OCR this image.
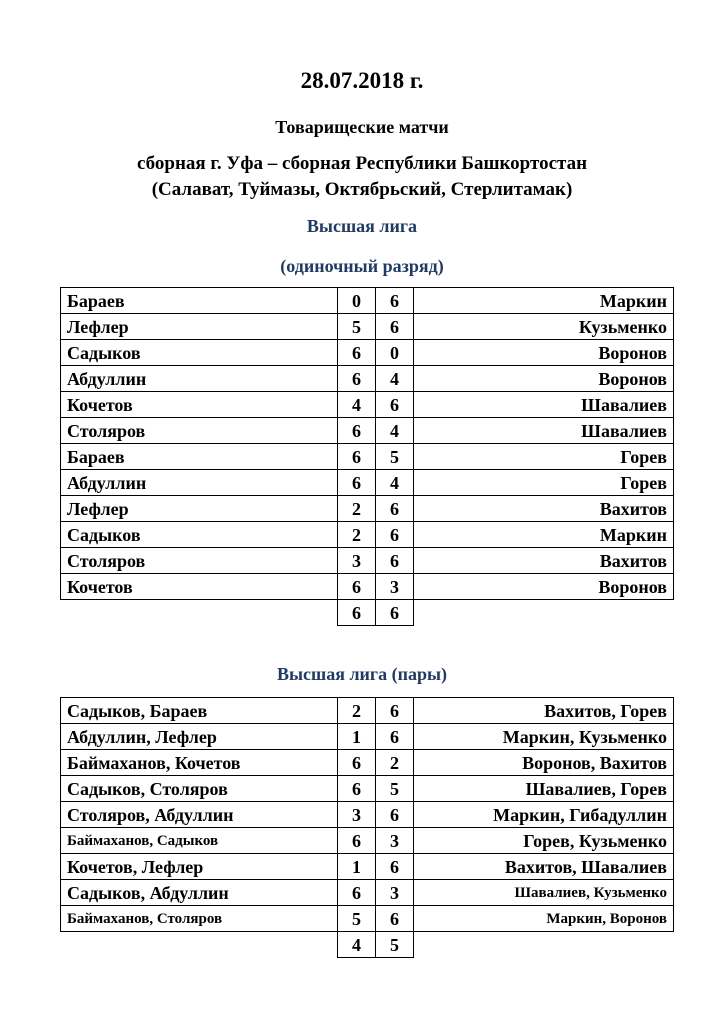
28.07.2018 г.
Товарищеские матчи
сборная г. Уфа – сборная Республики Башкортостан
(Салават, Туймазы, Октябрьский, Стерлитамак)
Высшая лига
(одиночный разряд)
Бараев	0	6	Маркин
Лефлер	5	6	Кузьменко
Садыков	6	0	Воронов
Абдуллин	6	4	Воронов
Кочетов	4	6	Шавалиев
Столяров	6	4	Шавалиев
Бараев	6	5	Горев
Абдуллин	6	4	Горев
Лефлер	2	6	Вахитов
Садыков	2	6	Маркин
Столяров	3	6	Вахитов
Кочетов	6	3	Воронов
	6	6	
Высшая лига (пары)
Садыков, Бараев	2	6	Вахитов, Горев
Абдуллин, Лефлер	1	6	Маркин, Кузьменко
Баймаханов, Кочетов	6	2	Воронов, Вахитов
Садыков, Столяров	6	5	Шавалиев, Горев
Столяров, Абдуллин	3	6	Маркин, Гибадуллин
Баймаханов, Садыков	6	3	Горев, Кузьменко
Кочетов, Лефлер	1	6	Вахитов, Шавалиев
Садыков, Абдуллин	6	3	Шавалиев, Кузьменко
Баймаханов, Столяров	5	6	Маркин, Воронов
	4	5	
